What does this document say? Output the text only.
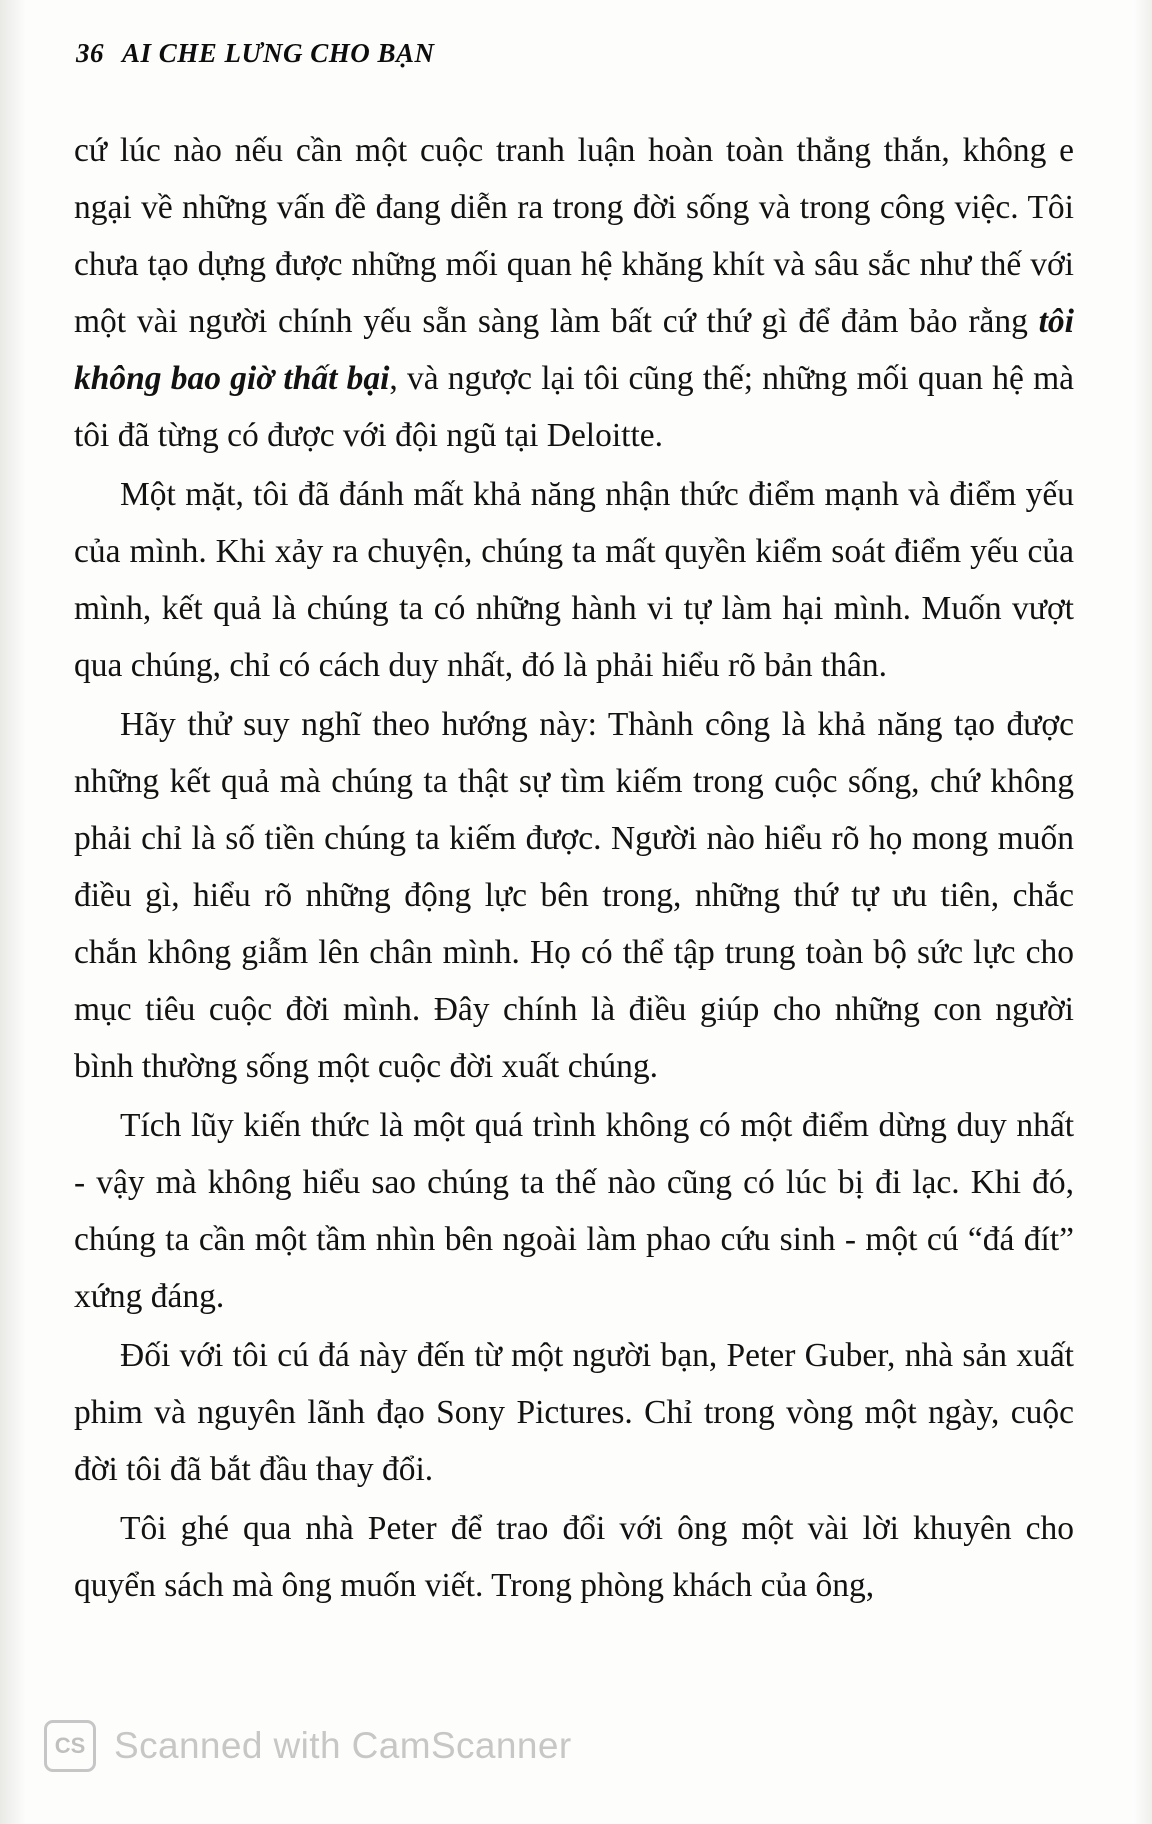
36 AI CHE LƯNG CHO BẠN

cứ lúc nào nếu cần một cuộc tranh luận hoàn toàn thẳng thắn, không e ngại về những vấn đề đang diễn ra trong đời sống và trong công việc. Tôi chưa tạo dựng được những mối quan hệ khăng khít và sâu sắc như thế với một vài người chính yếu sẵn sàng làm bất cứ thứ gì để đảm bảo rằng tôi không bao giờ thất bại, và ngược lại tôi cũng thế; những mối quan hệ mà tôi đã từng có được với đội ngũ tại Deloitte.

Một mặt, tôi đã đánh mất khả năng nhận thức điểm mạnh và điểm yếu của mình. Khi xảy ra chuyện, chúng ta mất quyền kiểm soát điểm yếu của mình, kết quả là chúng ta có những hành vi tự làm hại mình. Muốn vượt qua chúng, chỉ có cách duy nhất, đó là phải hiểu rõ bản thân.

Hãy thử suy nghĩ theo hướng này: Thành công là khả năng tạo được những kết quả mà chúng ta thật sự tìm kiếm trong cuộc sống, chứ không phải chỉ là số tiền chúng ta kiếm được. Người nào hiểu rõ họ mong muốn điều gì, hiểu rõ những động lực bên trong, những thứ tự ưu tiên, chắc chắn không giẫm lên chân mình. Họ có thể tập trung toàn bộ sức lực cho mục tiêu cuộc đời mình. Đây chính là điều giúp cho những con người bình thường sống một cuộc đời xuất chúng.

Tích lũy kiến thức là một quá trình không có một điểm dừng duy nhất - vậy mà không hiểu sao chúng ta thế nào cũng có lúc bị đi lạc. Khi đó, chúng ta cần một tầm nhìn bên ngoài làm phao cứu sinh - một cú “đá đít” xứng đáng.

Đối với tôi cú đá này đến từ một người bạn, Peter Guber, nhà sản xuất phim và nguyên lãnh đạo Sony Pictures. Chỉ trong vòng một ngày, cuộc đời tôi đã bắt đầu thay đổi.

Tôi ghé qua nhà Peter để trao đổi với ông một vài lời khuyên cho quyển sách mà ông muốn viết. Trong phòng khách của ông,

CS Scanned with CamScanner
